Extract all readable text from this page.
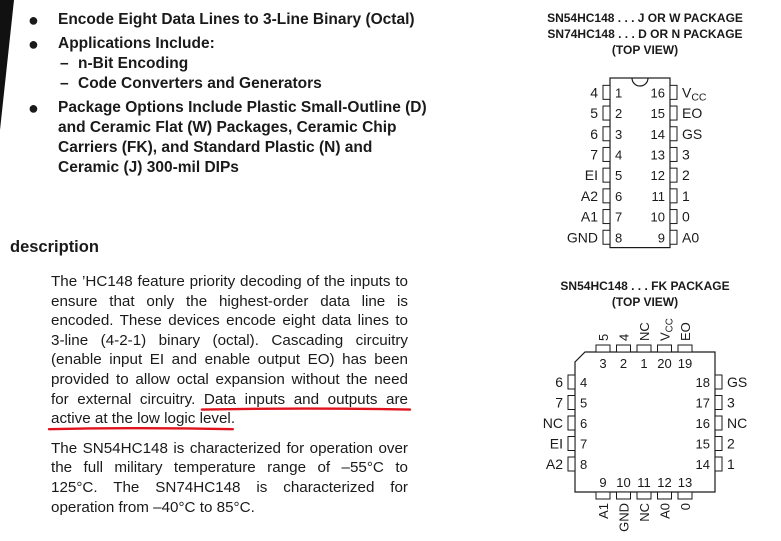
● Encode Eight Data Lines to 3-Line Binary (Octal)
● Applications Include:
– n-Bit Encoding
– Code Converters and Generators
● Package Options Include Plastic Small-Outline (D) and Ceramic Flat (W) Packages, Ceramic Chip Carriers (FK), and Standard Plastic (N) and Ceramic (J) 300-mil DIPs
description

The ’HC148 feature priority decoding of the inputs to ensure that only the highest-order data line is encoded. These devices encode eight data lines to 3-line (4-2-1) binary (octal). Cascading circuitry (enable input EI and enable output EO) has been provided to allow octal expansion without the need for external circuitry. Data inputs and outputs are active at the low logic level.

The SN54HC148 is characterized for operation over the full military temperature range of –55°C to 125°C. The SN74HC148 is characterized for operation from –40°C to 85°C.

SN54HC148 . . . J OR W PACKAGE
SN74HC148 . . . D OR N PACKAGE
(TOP VIEW)
1
4
2
5
3
6
4
7
5
EI
6
A2
7
A1
8
GND
16 $V_{CC}$
15 EO
14 GS
13 3
12 2
11 1
10 0
9 A0
SN54HC148 . . . FK PACKAGE
(TOP VIEW)
3
5
2
4
1
NC
20
$V_{CC}$
19
EO
9
A1
10
GND
11
NC
12
A0
13
0
4
6
5
7
6
NC
7
EI
8
A2
18 GS
17 3
16 NC
15 2
14 1
